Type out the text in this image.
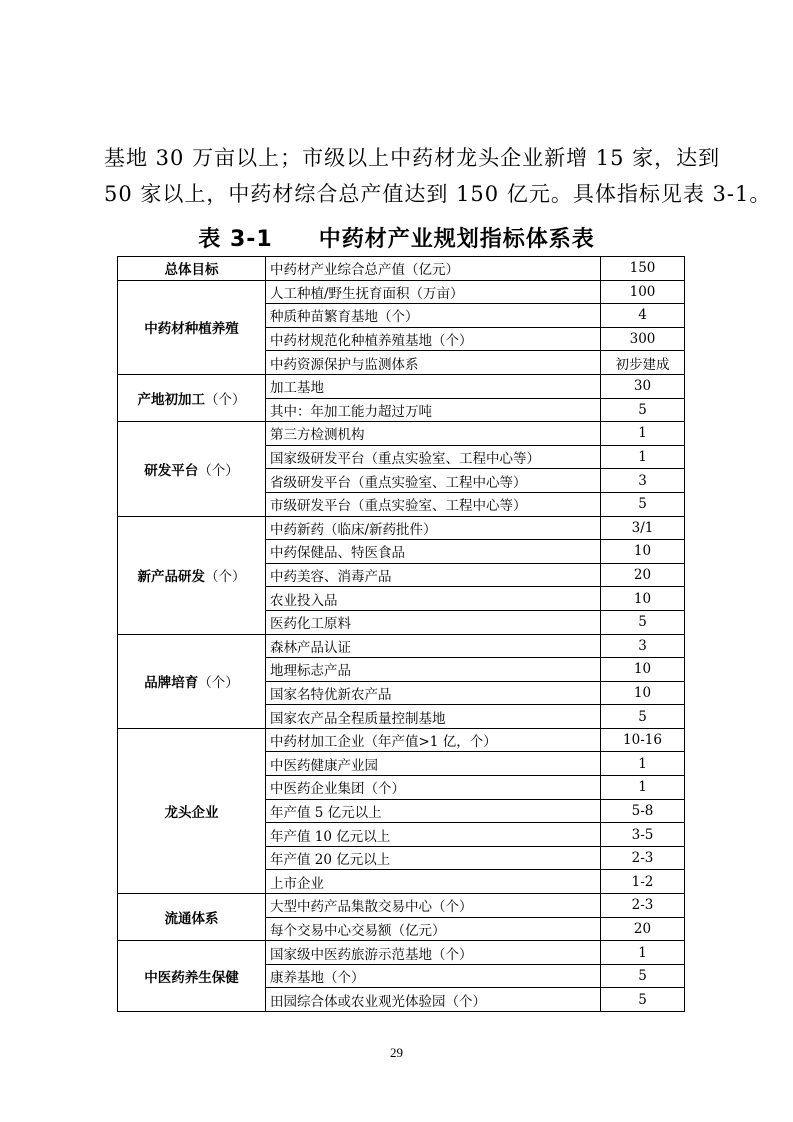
基地 30 万亩以上；市级以上中药材龙头企业新增 15 家，达到
50 家以上，中药材综合总产值达到 150 亿元。具体指标见表 3-1。

表 3-1 中药材产业规划指标体系表
总体目标	中药材产业综合总产值（亿元）	150
中药材种植养殖	人工种植/野生抚育面积（万亩）	100
	种质种苗繁育基地（个）	4
	中药材规范化种植养殖基地（个）	300
	中药资源保护与监测体系	初步建成
产地初加工（个）	加工基地	30
	其中：年加工能力超过万吨	5
研发平台（个）	第三方检测机构	1
	国家级研发平台（重点实验室、工程中心等）	1
	省级研发平台（重点实验室、工程中心等）	3
	市级研发平台（重点实验室、工程中心等）	5
新产品研发（个）	中药新药（临床/新药批件）	3/1
	中药保健品、特医食品	10
	中药美容、消毒产品	20
	农业投入品	10
	医药化工原料	5
品牌培育（个）	森林产品认证	3
	地理标志产品	10
	国家名特优新农产品	10
	国家农产品全程质量控制基地	5
龙头企业	中药材加工企业（年产值>1 亿，个）	10-16
	中医药健康产业园	1
	中医药企业集团（个）	1
	年产值 5 亿元以上	5-8
	年产值 10 亿元以上	3-5
	年产值 20 亿元以上	2-3
	上市企业	1-2
流通体系	大型中药产品集散交易中心（个）	2-3
	每个交易中心交易额（亿元）	20
中医药养生保健	国家级中医药旅游示范基地（个）	1
	康养基地（个）	5
	田园综合体或农业观光体验园（个）	5
29
